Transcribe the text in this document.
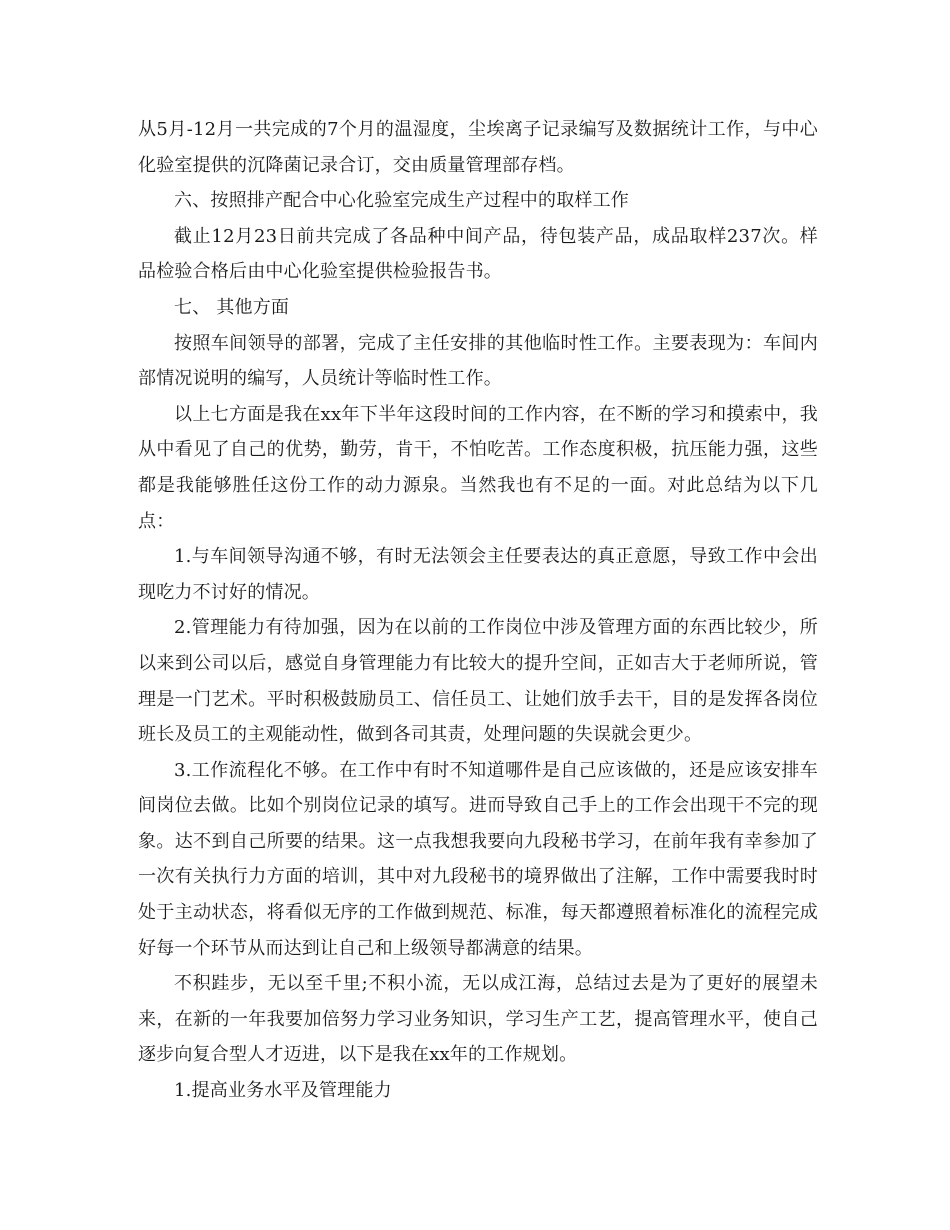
从5月-12月一共完成的7个月的温湿度，尘埃离子记录编写及数据统计工作，与中心化验室提供的沉降菌记录合订，交由质量管理部存档。

六、按照排产配合中心化验室完成生产过程中的取样工作

截止12月23日前共完成了各品种中间产品，待包装产品，成品取样237次。样品检验合格后由中心化验室提供检验报告书。

七、 其他方面

按照车间领导的部署，完成了主任安排的其他临时性工作。主要表现为：车间内部情况说明的编写，人员统计等临时性工作。

以上七方面是我在xx年下半年这段时间的工作内容，在不断的学习和摸索中，我从中看见了自己的优势，勤劳，肯干，不怕吃苦。工作态度积极，抗压能力强，这些都是我能够胜任这份工作的动力源泉。当然我也有不足的一面。对此总结为以下几点：

1.与车间领导沟通不够，有时无法领会主任要表达的真正意愿，导致工作中会出现吃力不讨好的情况。

2.管理能力有待加强，因为在以前的工作岗位中涉及管理方面的东西比较少，所以来到公司以后，感觉自身管理能力有比较大的提升空间，正如吉大于老师所说，管理是一门艺术。平时积极鼓励员工、信任员工、让她们放手去干，目的是发挥各岗位班长及员工的主观能动性，做到各司其责，处理问题的失误就会更少。

3.工作流程化不够。在工作中有时不知道哪件是自己应该做的，还是应该安排车间岗位去做。比如个别岗位记录的填写。进而导致自己手上的工作会出现干不完的现象。达不到自己所要的结果。这一点我想我要向九段秘书学习，在前年我有幸参加了一次有关执行力方面的培训，其中对九段秘书的境界做出了注解，工作中需要我时时处于主动状态，将看似无序的工作做到规范、标准，每天都遵照着标准化的流程完成好每一个环节从而达到让自己和上级领导都满意的结果。

不积跬步，无以至千里;不积小流，无以成江海，总结过去是为了更好的展望未来，在新的一年我要加倍努力学习业务知识，学习生产工艺，提高管理水平，使自己逐步向复合型人才迈进，以下是我在xx年的工作规划。

1.提高业务水平及管理能力
